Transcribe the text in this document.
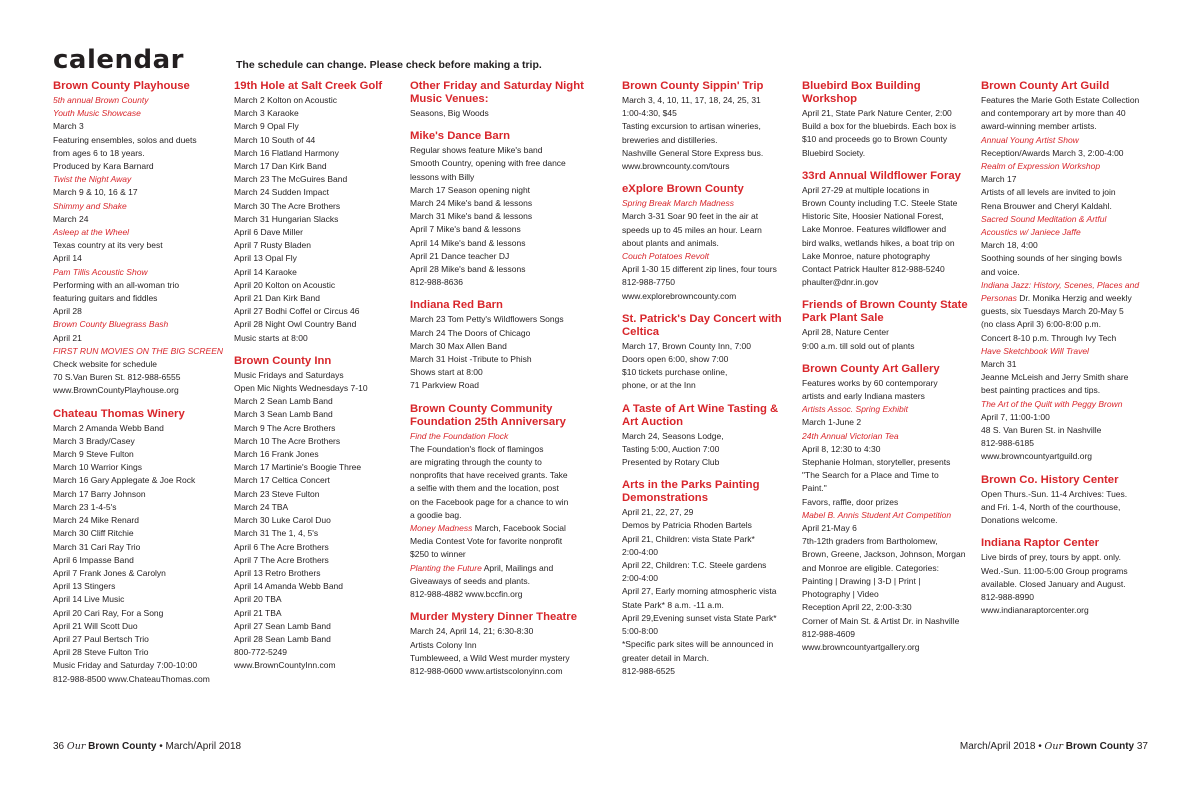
calendar	The schedule can change. Please check before making a trip.
Brown County Playhouse
5th annual Brown County
Youth Music Showcase
March 3
Featuring ensembles, solos and duets
from ages 6 to 18 years.
Produced by Kara Barnard
Twist the Night Away
March 9 & 10, 16 & 17
Shimmy and Shake
March 24
Asleep at the Wheel
Texas country at its very best
April 14
Pam Tillis Acoustic Show
Performing with an all-woman trio
featuring guitars and fiddles
April 28
Brown County Bluegrass Bash
April 21
FIRST RUN MOVIES ON THE BIG SCREEN
Check website for schedule
70 S.Van Buren St. 812-988-6555
www.BrownCountyPlayhouse.org
Chateau Thomas Winery
March 2 Amanda Webb Band
March 3 Brady/Casey
March 9 Steve Fulton
March 10 Warrior Kings
March 16 Gary Applegate & Joe Rock
March 17 Barry Johnson
March 23 1-4-5's
March 24 Mike Renard
March 30 Cliff Ritchie
March 31 Cari Ray Trio
April 6 Impasse Band
April 7 Frank Jones & Carolyn
April 13 Stingers
April 14 Live Music
April 20 Cari Ray, For a Song
April 21 Will Scott Duo
April 27 Paul Bertsch Trio
April 28 Steve Fulton Trio
Music Friday and Saturday 7:00-10:00
812-988-8500 www.ChateauThomas.com
19th Hole at Salt Creek Golf
March 2 Kolton on Acoustic
March 3 Karaoke
March 9 Opal Fly
March 10 South of 44
March 16 Flatland Harmony
March 17 Dan Kirk Band
March 23 The McGuires Band
March 24 Sudden Impact
March 30 The Acre Brothers
March 31 Hungarian Slacks
April 6 Dave Miller
April 7 Rusty Bladen
April 13 Opal Fly
April 14 Karaoke
April 20 Kolton on Acoustic
April 21 Dan Kirk Band
April 27 Bodhi Coffel or Circus 46
April 28 Night Owl Country Band
Music starts at 8:00
Brown County Inn
Music Fridays and Saturdays
Open Mic Nights Wednesdays 7-10
March 2 Sean Lamb Band
March 3 Sean Lamb Band
March 9 The Acre Brothers
March 10 The Acre Brothers
March 16 Frank Jones
March 17 Martinie's Boogie Three
March 17 Celtica Concert
March 23 Steve Fulton
March 24 TBA
March 30 Luke Carol Duo
March 31 The 1, 4, 5's
April 6 The Acre Brothers
April 7 The Acre Brothers
April 13 Retro Brothers
April 14 Amanda Webb Band
April 20 TBA
April 21 TBA
April 27 Sean Lamb Band
April 28 Sean Lamb Band
800-772-5249
www.BrownCountyInn.com
Other Friday and Saturday Night Music Venues:
Seasons, Big Woods
Mike's Dance Barn
Regular shows feature Mike's band
Smooth Country, opening with free dance
lessons with Billy
March 17 Season opening night
March 24 Mike's band & lessons
March 31 Mike's band & lessons
April 7 Mike's band & lessons
April 14 Mike's band & lessons
April 21 Dance teacher DJ
April 28 Mike's band & lessons
812-988-8636
Indiana Red Barn
March 23 Tom Petty's Wildflowers Songs
March 24 The Doors of Chicago
March 30 Max Allen Band
March 31 Hoist -Tribute to Phish
Shows start at 8:00
71 Parkview Road
Brown County Community Foundation 25th Anniversary
Find the Foundation Flock
The Foundation's flock of flamingos
are migrating through the county to
nonprofits that have received grants. Take
a selfie with them and the location, post
on the Facebook page for a chance to win
a goodie bag.
Money Madness March, Facebook Social
Media Contest Vote for favorite nonprofit
$250 to winner
Planting the Future April, Mailings and
Giveaways of seeds and plants.
812-988-4882 www.bccfin.org
Murder Mystery Dinner Theatre
March 24, April 14, 21; 6:30-8:30
Artists Colony Inn
Tumbleweed, a Wild West murder mystery
812-988-0600 www.artistscolonyinn.com
Brown County Sippin' Trip
March 3, 4, 10, 11, 17, 18, 24, 25, 31
1:00-4:30, $45
Tasting excursion to artisan wineries,
breweries and distilleries.
Nashville General Store Express bus.
www.browncounty.com/tours
eXplore Brown County
Spring Break March Madness
March 3-31 Soar 90 feet in the air at
speeds up to 45 miles an hour. Learn
about plants and animals.
Couch Potatoes Revolt
April 1-30 15 different zip lines, four tours
812-988-7750
www.explorebrowncounty.com
St. Patrick's Day Concert with Celtica
March 17, Brown County Inn, 7:00
Doors open 6:00, show 7:00
$10 tickets purchase online,
phone, or at the Inn
A Taste of Art Wine Tasting & Art Auction
March 24, Seasons Lodge,
Tasting 5:00, Auction 7:00
Presented by Rotary Club
Arts in the Parks Painting Demonstrations
April 21, 22, 27, 29
Demos by Patricia Rhoden Bartels
April 21, Children: vista State Park*
2:00-4:00
April 22, Children: T.C. Steele gardens
2:00-4:00
April 27, Early morning atmospheric vista
State Park* 8 a.m. -11 a.m.
April 29,Evening sunset vista State Park*
5:00-8:00
*Specific park sites will be announced in
greater detail in March.
812-988-6525
Bluebird Box Building Workshop
April 21, State Park Nature Center, 2:00
Build a box for the bluebirds. Each box is
$10 and proceeds go to Brown County
Bluebird Society.
33rd Annual Wildflower Foray
April 27-29 at multiple locations in
Brown County including T.C. Steele State
Historic Site, Hoosier National Forest,
Lake Monroe. Features wildflower and
bird walks, wetlands hikes, a boat trip on
Lake Monroe, nature photography
Contact Patrick Haulter 812-988-5240
phaulter@dnr.in.gov
Friends of Brown County State Park Plant Sale
April 28, Nature Center
9:00 a.m. till sold out of plants
Brown County Art Gallery
Features works by 60 contemporary
artists and early Indiana masters
Artists Assoc. Spring Exhibit
March 1-June 2
24th Annual Victorian Tea
April 8, 12:30 to 4:30
Stephanie Holman, storyteller, presents
"The Search for a Place and Time to
Paint."
Favors, raffle, door prizes
Mabel B. Annis Student Art Competition
April 21-May 6
7th-12th graders from Bartholomew,
Brown, Greene, Jackson, Johnson, Morgan
and Monroe are eligible. Categories:
Painting | Drawing | 3-D | Print |
Photography | Video
Reception April 22, 2:00-3:30
Corner of Main St. & Artist Dr. in Nashville
812-988-4609
www.browncountyartgallery.org
Brown County Art Guild
Features the Marie Goth Estate Collection
and contemporary art by more than 40
award-winning member artists.
Annual Young Artist Show
Reception/Awards March 3, 2:00-4:00
Realm of Expression Workshop
March 17
Artists of all levels are invited to join
Rena Brouwer and Cheryl Kaldahl.
Sacred Sound Meditation & Artful
Acoustics w/ Janiece Jaffe
March 18, 4:00
Soothing sounds of her singing bowls
and voice.
Indiana Jazz: History, Scenes, Places and
Personas Dr. Monika Herzig and weekly
guests, six Tuesdays March 20-May 5
(no class April 3) 6:00-8:00 p.m.
Concert 8-10 p.m. Through Ivy Tech
Have Sketchbook Will Travel
March 31
Jeanne McLeish and Jerry Smith share
best painting practices and tips.
The Art of the Quilt with Peggy Brown
April 7, 11:00-1:00
48 S. Van Buren St. in Nashville
812-988-6185
www.browncountyartguild.org
Brown Co. History Center
Open Thurs.-Sun. 11-4 Archives: Tues.
and Fri. 1-4, North of the courthouse,
Donations welcome.
Indiana Raptor Center
Live birds of prey, tours by appt. only.
Wed.-Sun. 11:00-5:00 Group programs
available. Closed January and August.
812-988-8990
www.indianaraptorcenter.org
36 Our Brown County • March/April 2018	March/April 2018 • Our Brown County 37
